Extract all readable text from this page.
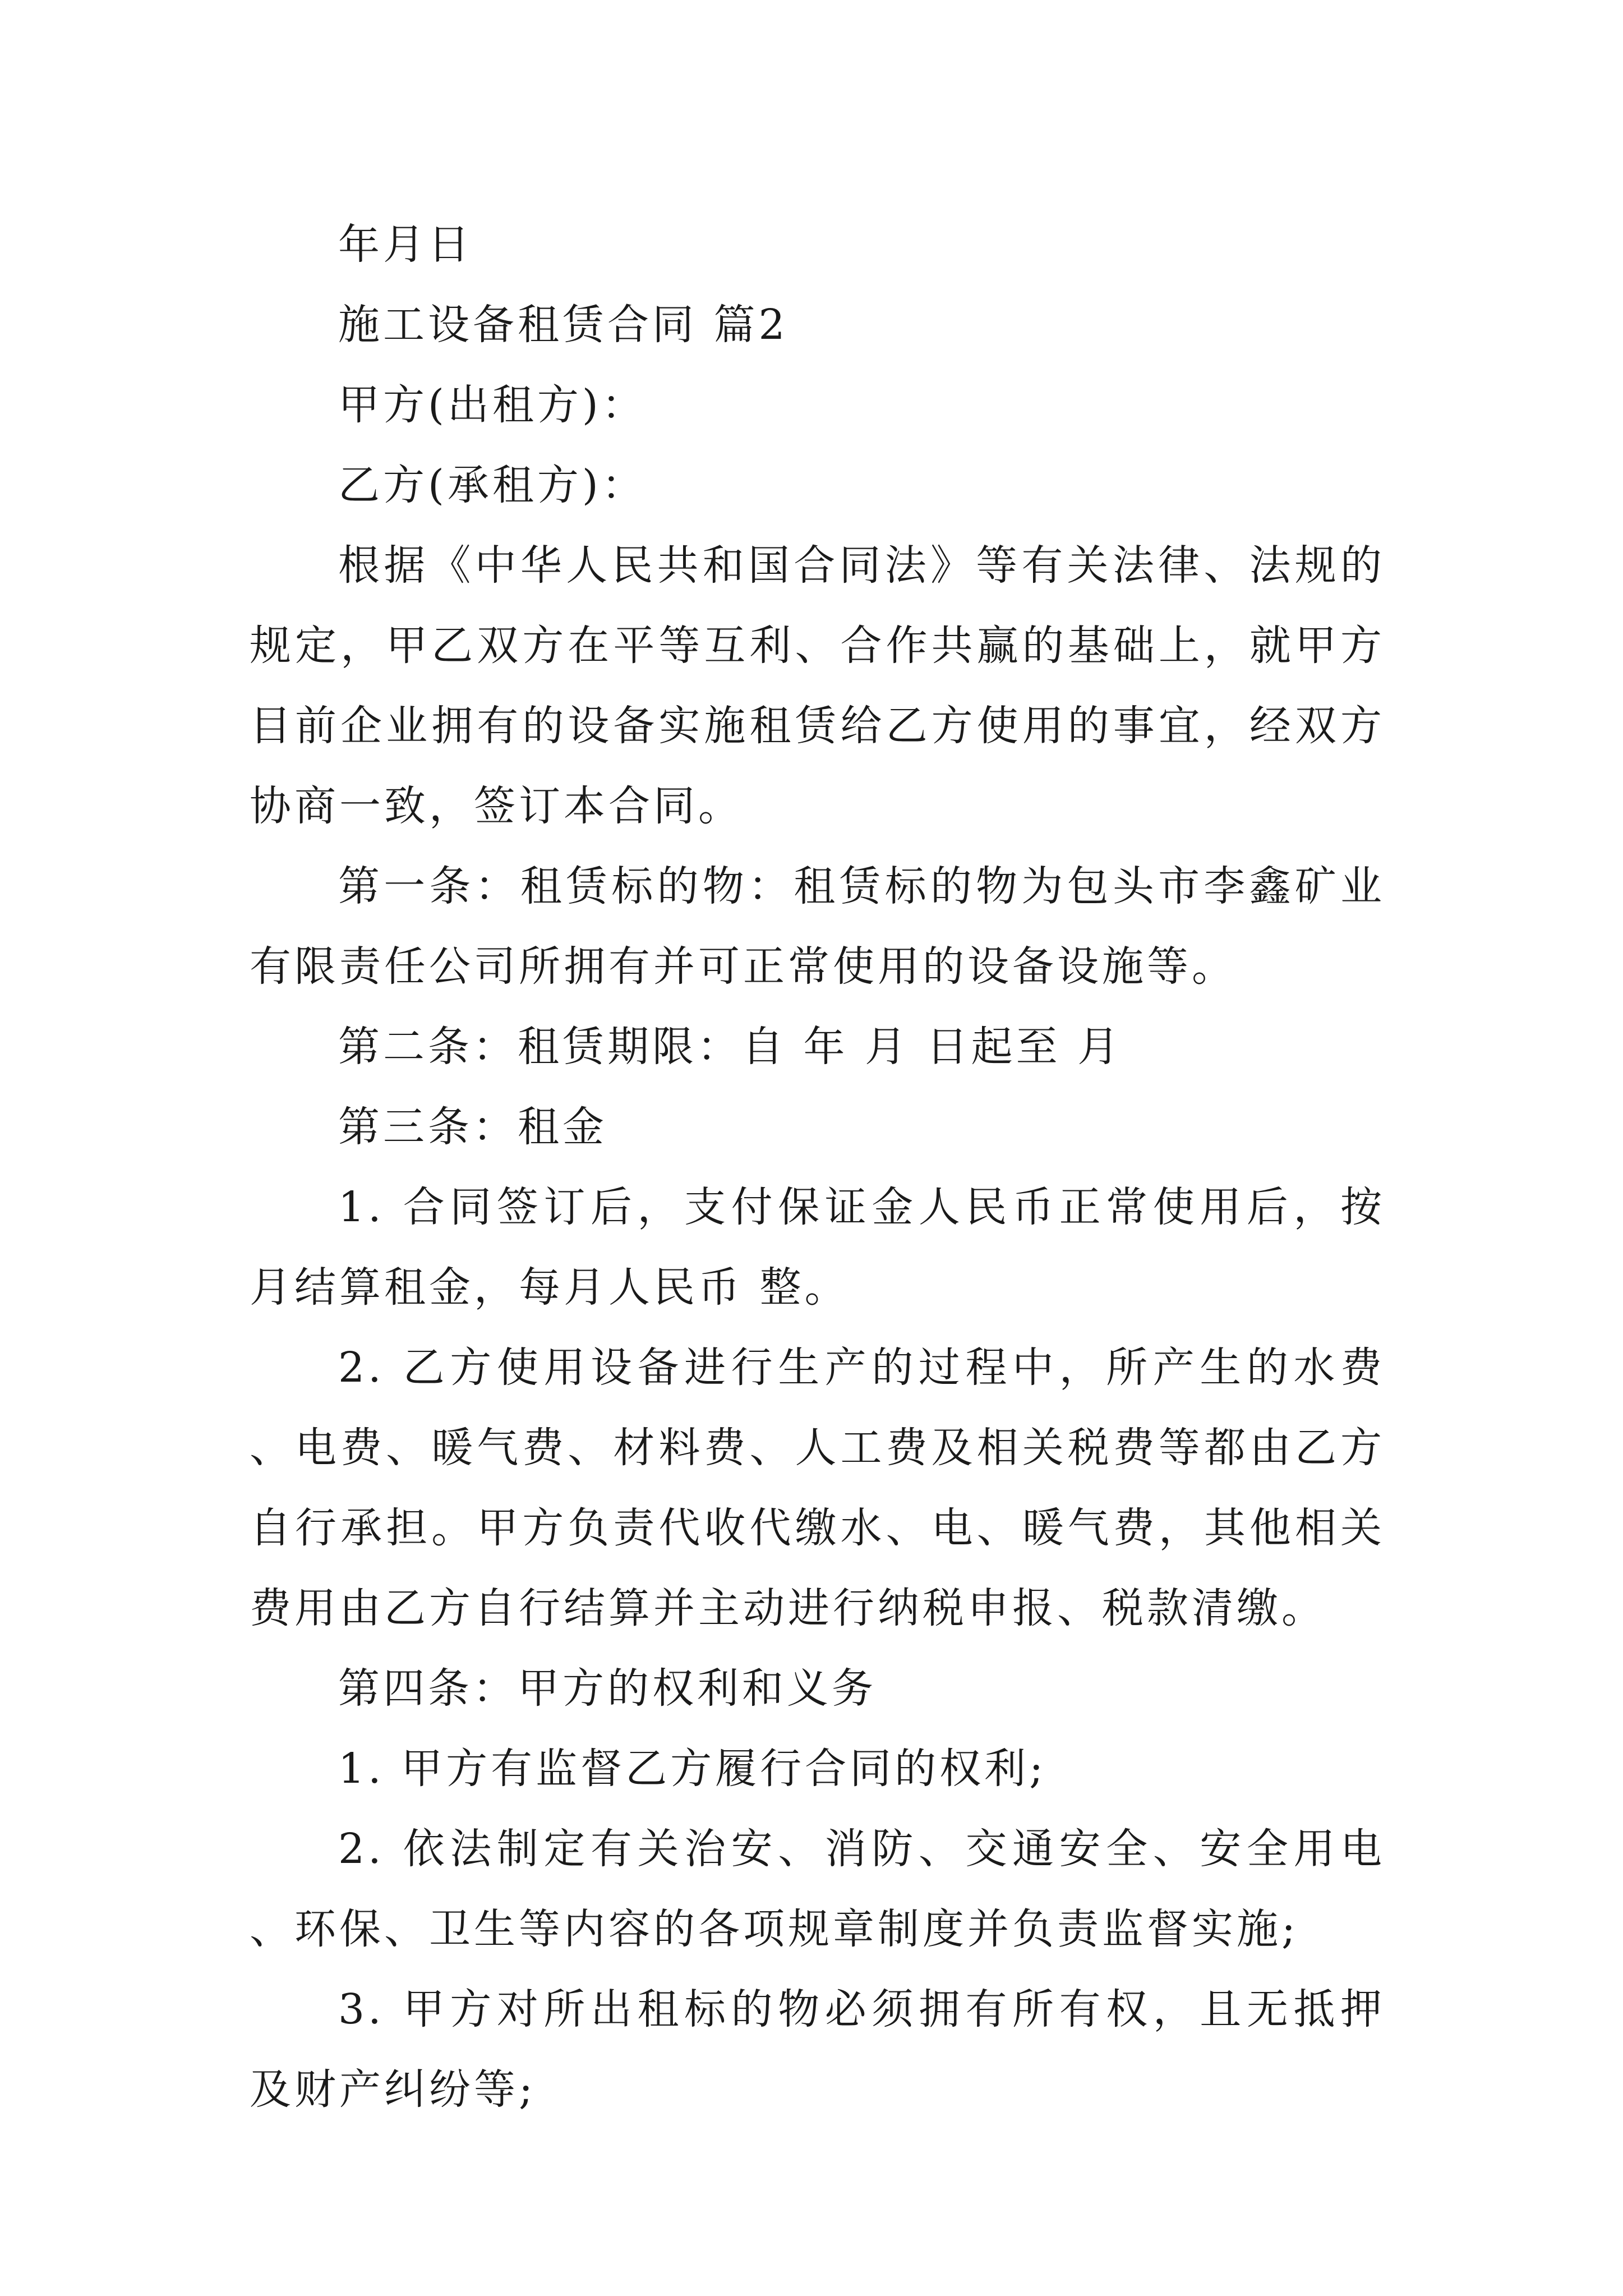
年月日

施工设备租赁合同 篇2

甲方(出租方)：

乙方(承租方)：

根据《中华人民共和国合同法》等有关法律、法规的规定，甲乙双方在平等互利、合作共赢的基础上，就甲方目前企业拥有的设备实施租赁给乙方使用的事宜，经双方协商一致，签订本合同。

第一条：租赁标的物：租赁标的物为包头市李鑫矿业有限责任公司所拥有并可正常使用的设备设施等。

第二条：租赁期限：自 年 月 日起至 月

第三条：租金

1. 合同签订后，支付保证金人民币正常使用后，按月结算租金，每月人民币 整。

2. 乙方使用设备进行生产的过程中，所产生的水费、电费、暖气费、材料费、人工费及相关税费等都由乙方自行承担。甲方负责代收代缴水、电、暖气费，其他相关费用由乙方自行结算并主动进行纳税申报、税款清缴。

第四条：甲方的权利和义务

1. 甲方有监督乙方履行合同的权利;

2. 依法制定有关治安、消防、交通安全、安全用电、环保、卫生等内容的各项规章制度并负责监督实施;

3. 甲方对所出租标的物必须拥有所有权，且无抵押及财产纠纷等;
